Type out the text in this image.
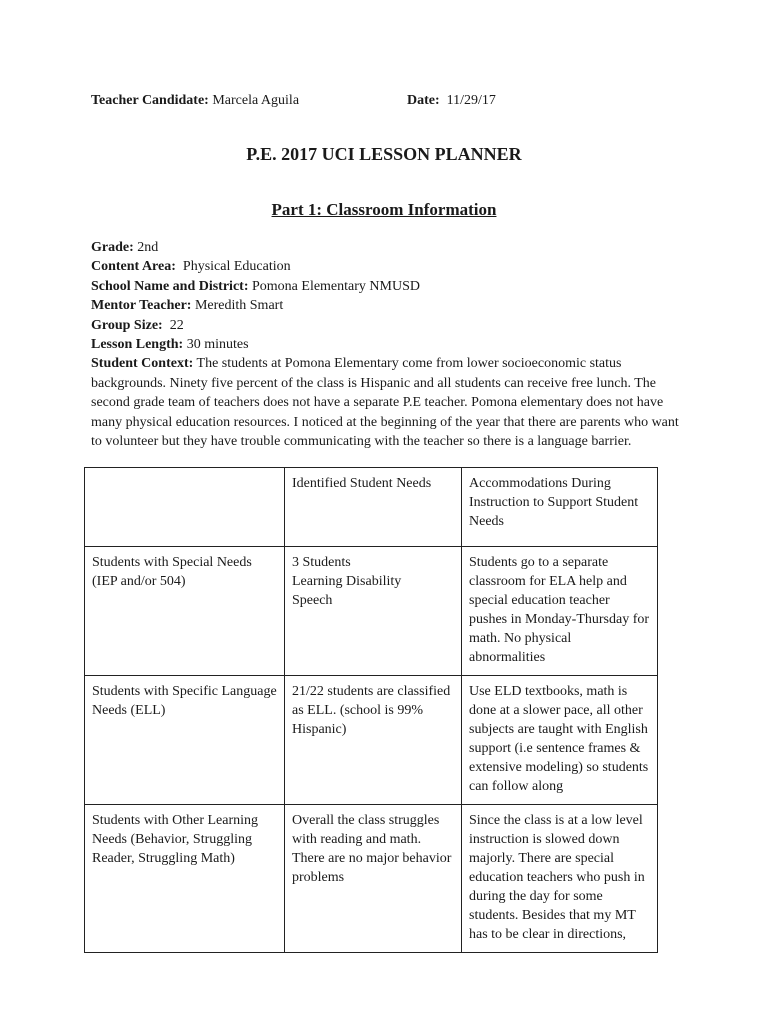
Teacher Candidate: Marcela Aguila	Date: 11/29/17
P.E. 2017 UCI LESSON PLANNER
Part 1: Classroom Information
Grade: 2nd
Content Area: Physical Education
School Name and District: Pomona Elementary NMUSD
Mentor Teacher: Meredith Smart
Group Size: 22
Lesson Length: 30 minutes
Student Context: The students at Pomona Elementary come from lower socioeconomic status backgrounds. Ninety five percent of the class is Hispanic and all students can receive free lunch. The second grade team of teachers does not have a separate P.E teacher. Pomona elementary does not have many physical education resources. I noticed at the beginning of the year that there are parents who want to volunteer but they have trouble communicating with the teacher so there is a language barrier.
	Identified Student Needs	Accommodations During Instruction to Support Student Needs
Students with Special Needs (IEP and/or 504)	3 Students
Learning Disability
Speech	Students go to a separate classroom for ELA help and special education teacher pushes in Monday-Thursday for math. No physical abnormalities
Students with Specific Language Needs (ELL)	21/22 students are classified as ELL. (school is 99% Hispanic)	Use ELD textbooks, math is done at a slower pace, all other subjects are taught with English support (i.e sentence frames & extensive modeling) so students can follow along
Students with Other Learning Needs (Behavior, Struggling Reader, Struggling Math)	Overall the class struggles with reading and math. There are no major behavior problems	Since the class is at a low level instruction is slowed down majorly. There are special education teachers who push in during the day for some students. Besides that my MT has to be clear in directions,
